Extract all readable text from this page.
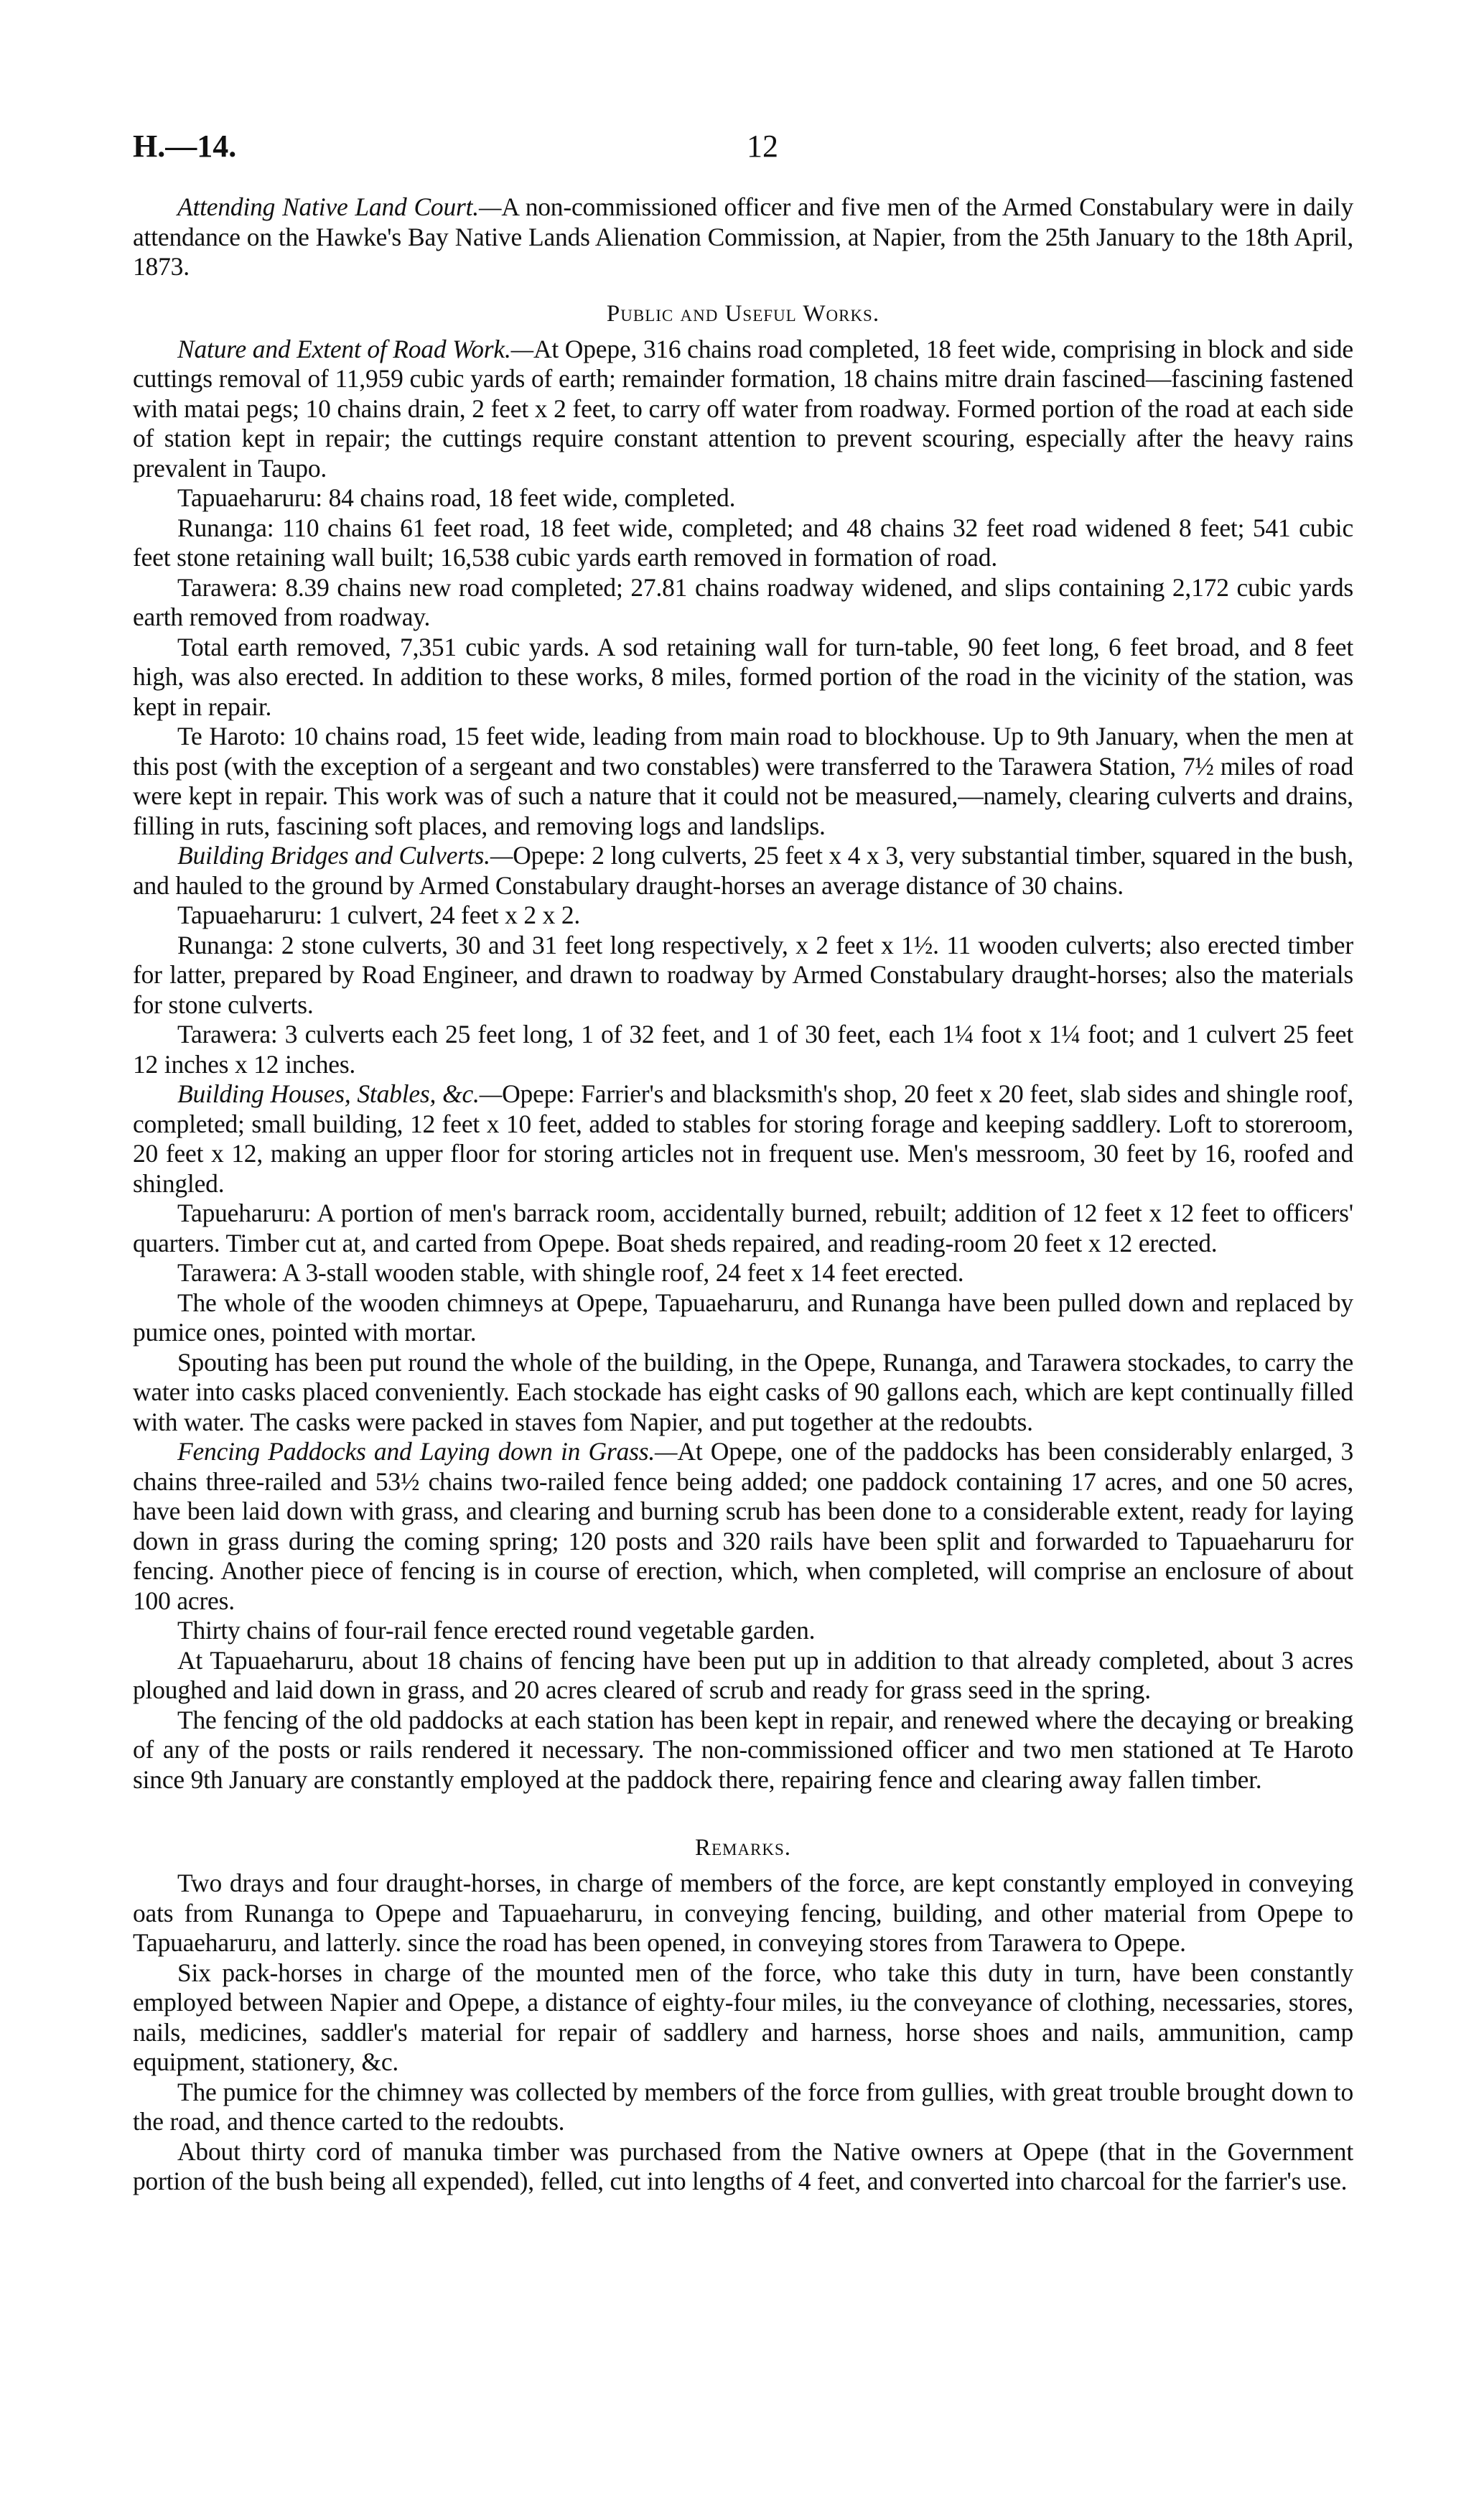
H.—14.	12

Attending Native Land Court.—A non-commissioned officer and five men of the Armed Constabulary were in daily attendance on the Hawke's Bay Native Lands Alienation Commission, at Napier, from the 25th January to the 18th April, 1873.

Public and Useful Works.

Nature and Extent of Road Work.—At Opepe, 316 chains road completed, 18 feet wide, comprising in block and side cuttings removal of 11,959 cubic yards of earth; remainder formation, 18 chains mitre drain fascined—fascining fastened with matai pegs; 10 chains drain, 2 feet x 2 feet, to carry off water from roadway. Formed portion of the road at each side of station kept in repair; the cuttings require constant attention to prevent scouring, especially after the heavy rains prevalent in Taupo.

Tapuaeharuru: 84 chains road, 18 feet wide, completed.

Runanga: 110 chains 61 feet road, 18 feet wide, completed; and 48 chains 32 feet road widened 8 feet; 541 cubic feet stone retaining wall built; 16,538 cubic yards earth removed in formation of road.

Tarawera: 8.39 chains new road completed; 27.81 chains roadway widened, and slips containing 2,172 cubic yards earth removed from roadway.

Total earth removed, 7,351 cubic yards. A sod retaining wall for turn-table, 90 feet long, 6 feet broad, and 8 feet high, was also erected. In addition to these works, 8 miles, formed portion of the road in the vicinity of the station, was kept in repair.

Te Haroto: 10 chains road, 15 feet wide, leading from main road to blockhouse. Up to 9th January, when the men at this post (with the exception of a sergeant and two constables) were transferred to the Tarawera Station, 7½ miles of road were kept in repair. This work was of such a nature that it could not be measured,—namely, clearing culverts and drains, filling in ruts, fascining soft places, and removing logs and landslips.

Building Bridges and Culverts.—Opepe: 2 long culverts, 25 feet x 4 x 3, very substantial timber, squared in the bush, and hauled to the ground by Armed Constabulary draught-horses an average distance of 30 chains.

Tapuaeharuru: 1 culvert, 24 feet x 2 x 2.

Runanga: 2 stone culverts, 30 and 31 feet long respectively, x 2 feet x 1½. 11 wooden culverts; also erected timber for latter, prepared by Road Engineer, and drawn to roadway by Armed Constabulary draught-horses; also the materials for stone culverts.

Tarawera: 3 culverts each 25 feet long, 1 of 32 feet, and 1 of 30 feet, each 1¼ foot x 1¼ foot; and 1 culvert 25 feet 12 inches x 12 inches.

Building Houses, Stables, &c.—Opepe: Farrier's and blacksmith's shop, 20 feet x 20 feet, slab sides and shingle roof, completed; small building, 12 feet x 10 feet, added to stables for storing forage and keeping saddlery. Loft to storeroom, 20 feet x 12, making an upper floor for storing articles not in frequent use. Men's messroom, 30 feet by 16, roofed and shingled.

Tapueharuru: A portion of men's barrack room, accidentally burned, rebuilt; addition of 12 feet x 12 feet to officers' quarters. Timber cut at, and carted from Opepe. Boat sheds repaired, and reading-room 20 feet x 12 erected.

Tarawera: A 3-stall wooden stable, with shingle roof, 24 feet x 14 feet erected.

The whole of the wooden chimneys at Opepe, Tapuaeharuru, and Runanga have been pulled down and replaced by pumice ones, pointed with mortar.

Spouting has been put round the whole of the building, in the Opepe, Runanga, and Tarawera stockades, to carry the water into casks placed conveniently. Each stockade has eight casks of 90 gallons each, which are kept continually filled with water. The casks were packed in staves fom Napier, and put together at the redoubts.

Fencing Paddocks and Laying down in Grass.—At Opepe, one of the paddocks has been considerably enlarged, 3 chains three-railed and 53½ chains two-railed fence being added; one paddock containing 17 acres, and one 50 acres, have been laid down with grass, and clearing and burning scrub has been done to a considerable extent, ready for laying down in grass during the coming spring; 120 posts and 320 rails have been split and forwarded to Tapuaeharuru for fencing. Another piece of fencing is in course of erection, which, when completed, will comprise an enclosure of about 100 acres.

Thirty chains of four-rail fence erected round vegetable garden.

At Tapuaeharuru, about 18 chains of fencing have been put up in addition to that already completed, about 3 acres ploughed and laid down in grass, and 20 acres cleared of scrub and ready for grass seed in the spring.

The fencing of the old paddocks at each station has been kept in repair, and renewed where the decaying or breaking of any of the posts or rails rendered it necessary. The non-commissioned officer and two men stationed at Te Haroto since 9th January are constantly employed at the paddock there, repairing fence and clearing away fallen timber.

Remarks.

Two drays and four draught-horses, in charge of members of the force, are kept constantly employed in conveying oats from Runanga to Opepe and Tapuaeharuru, in conveying fencing, building, and other material from Opepe to Tapuaeharuru, and latterly. since the road has been opened, in conveying stores from Tarawera to Opepe.

Six pack-horses in charge of the mounted men of the force, who take this duty in turn, have been constantly employed between Napier and Opepe, a distance of eighty-four miles, iu the conveyance of clothing, necessaries, stores, nails, medicines, saddler's material for repair of saddlery and harness, horse shoes and nails, ammunition, camp equipment, stationery, &c.

The pumice for the chimney was collected by members of the force from gullies, with great trouble brought down to the road, and thence carted to the redoubts.

About thirty cord of manuka timber was purchased from the Native owners at Opepe (that in the Government portion of the bush being all expended), felled, cut into lengths of 4 feet, and converted into charcoal for the farrier's use.
